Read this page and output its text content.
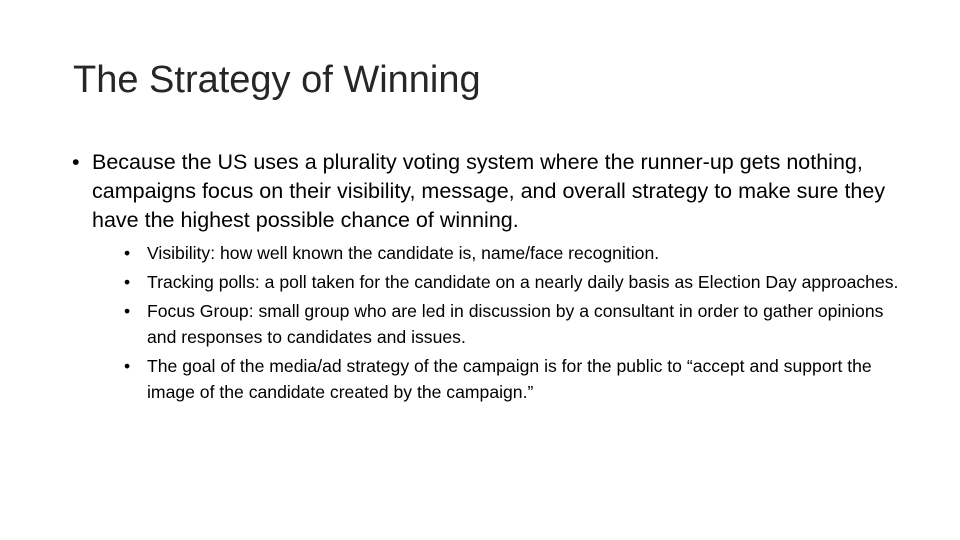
The Strategy of Winning
• Because the US uses a plurality voting system where the runner-up gets nothing, campaigns focus on their visibility, message, and overall strategy to make sure they have the highest possible chance of winning.
• Visibility: how well known the candidate is, name/face recognition.
• Tracking polls: a poll taken for the candidate on a nearly daily basis as Election Day approaches.
• Focus Group: small group who are led in discussion by a consultant in order to gather opinions and responses to candidates and issues.
• The goal of the media/ad strategy of the campaign is for the public to “accept and support the image of the candidate created by the campaign.”
